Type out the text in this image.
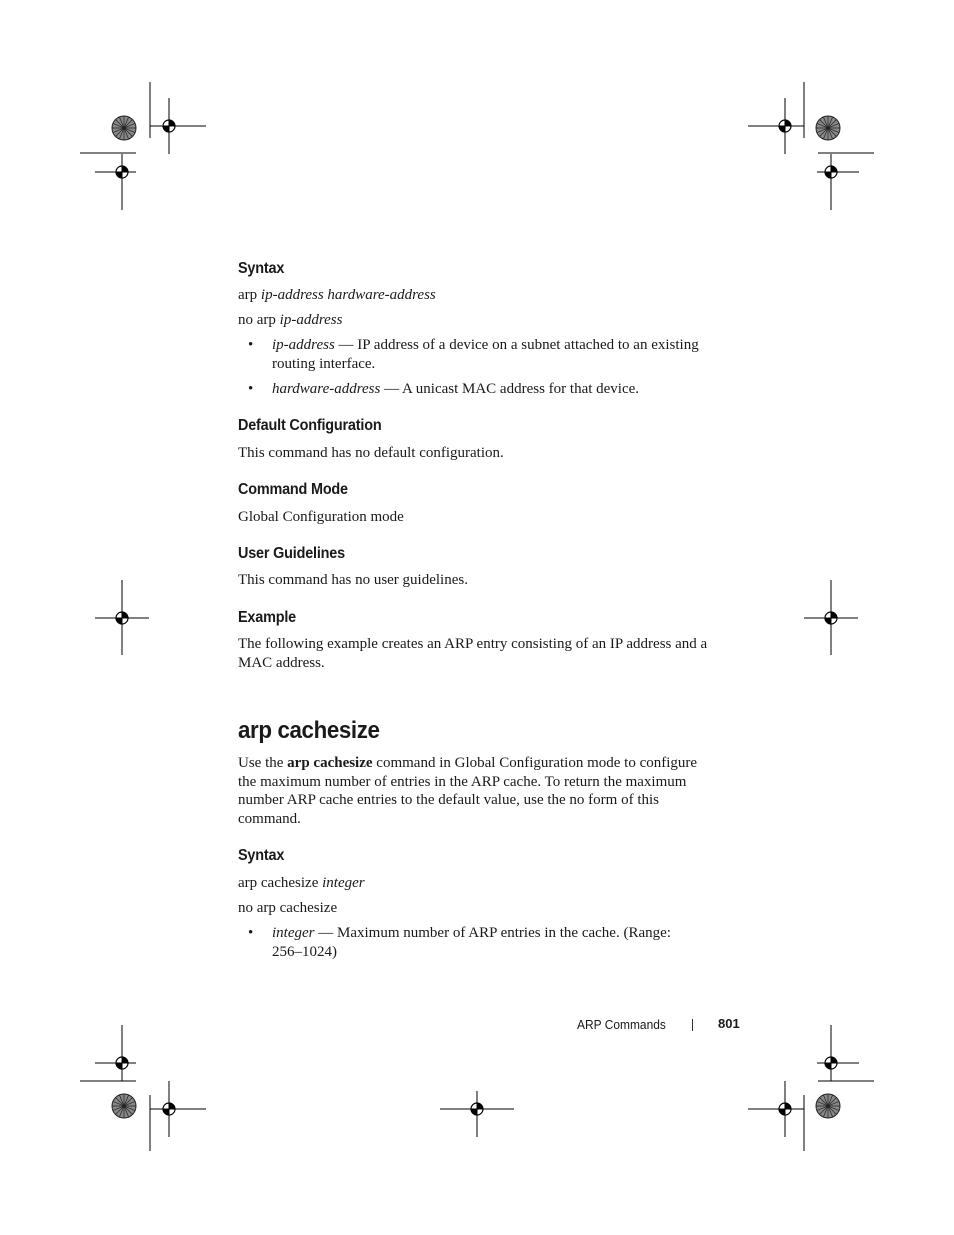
Syntax
arp ip-address hardware-address
no arp ip-address
• ip-address — IP address of a device on a subnet attached to an existing
routing interface.
• hardware-address — A unicast MAC address for that device.
Default Configuration
This command has no default configuration.
Command Mode
Global Configuration mode
User Guidelines
This command has no user guidelines.
Example
The following example creates an ARP entry consisting of an IP address and a
MAC address.
arp cachesize
Use the arp cachesize command in Global Configuration mode to configure
the maximum number of entries in the ARP cache. To return the maximum
number ARP cache entries to the default value, use the no form of this
command.
Syntax
arp cachesize integer
no arp cachesize
• integer — Maximum number of ARP entries in the cache. (Range:
256–1024)
ARP Commands	801
